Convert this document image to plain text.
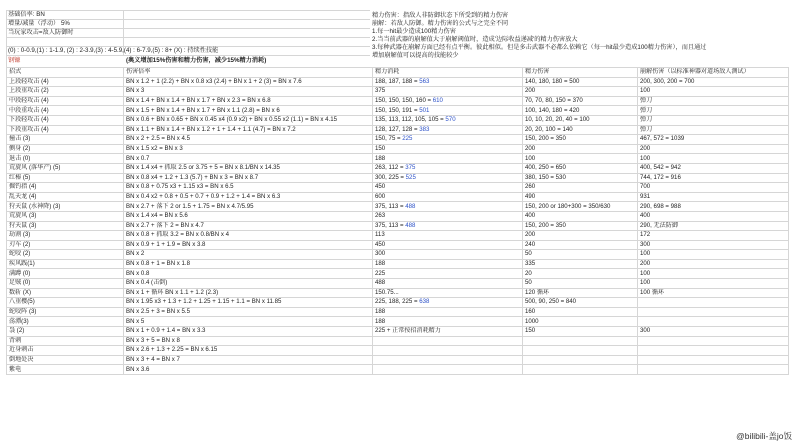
基础倍率: BN
增量/减量（浮动） 5%
当玩家攻击=敌人防御时
(0) : 0-0.9,(1) : 1-1.9, (2) : 2-3.9,(3) : 4-5.9,(4) : 6-7.9,(5) : 8+ (X) : 持续性技能
钢镰	(奥义增加15%伤害和精力伤害，减少15%精力消耗)
精力伤害：指敌人非防御状态下所受到的精力伤害
崩解：若敌人防御。精力伤害的公式与之完全不同
1.每一hit最少造成100精力伤害
2.当当前武器的崩解值大于崩解阈值时，造成'边际收益递减'的精力伤害放大
3.每种武器在崩解方面已经有点平衡。彼此相似。但是多击武器不必都么依赖它（每一hit最少造成100精力伤害），而且通过
增加崩解值可以提高的技能较少
招式	伤害倍率	精力消耗	精力伤害	崩解伤害（以标准神器对道场敌人测试）
上段轻攻击 (4)	BN x 1.2 + 1 (2.2) + BN x 0.8 x3 (2.4) + BN x 1 + 2 (3) = BN x 7.6	188, 187, 188 = 563	140, 180, 180 = 500	200, 300, 200 = 700
上段重攻击 (2)	BN x 3	375	200	100
中段轻攻击 (4)	BN x 1.4 + BN x 1.4 + BN x 1.7 + BN x 2.3 = BN x 6.8	150, 150, 150, 160 = 610	70, 70, 80, 150 = 370	弹刀
中段重攻击 (4)	BN x 1.5 + BN x 1.4 + BN x 1.7 + BN x 1.1 (2.8) = BN x 6	150, 150, 191 = 501	100, 140, 180 = 420	弹刀
下段轻攻击 (4)	BN x 0.6 + BN x 0.65 + BN x 0.45 x4 (0.9 x2) + BN x 0.55 x2 (1.1) = BN x 4.15	135, 113, 112, 105, 105 = 570	10, 10, 20, 20, 40 = 100	弹刀
下段重攻击 (4)	BN x 1.1 + BN x 1.4 + BN x 1.2 + 1 + 1.4 + 1.1 (4.7) = BN x 7.2	128, 127, 128 = 383	20, 20, 100 = 140	弹刀
撞击 (3)	BN x 2 + 2.5 = BN x 4.5	150, 75 = 225	150, 200 = 350	467, 572 = 1039
侧身 (2)	BN x 1.5 x2 = BN x 3	150	200	200
退击 (0)	BN x 0.7	188	100	100
荒旋风 (落华产) (5)	BN x 1.4 x4 + 抓取 2.5 or 3.75 + 5 = BN x 8.1/BN x 14.35	263, 112 = 375	400, 250 = 650	400, 542 = 942
红椿 (5)	BN x 0.8 x4 + 1.2 + 1.3 (5.7) + BN x 3 = BN x 8.7	300, 225 = 525	380, 150 = 530	744, 172 = 916
掘钓指 (4)	BN x 0.8 + 0.75 x3 + 1.15 x3 = BN x 6.5	450	260	700
乱天龙 (4)	BN x 0.4 x2 + 0.8 + 0.5 + 0.7 + 0.9 + 1.2 + 1.4 = BN x 6.3	600	490	931
狩天鼠 (水神降) (3)	BN x 2.7 + 落下 2 or 1.5 + 1.75 = BN x 4.7/5.95	375, 113 = 488	150, 200 or 180+300 = 350/630	290, 698 = 988
荒旋风 (3)	BN x 1.4 x4 = BN x 5.6	263	400	400
狩天鼠 (3)	BN x 2.7 + 落下 2 = BN x 4.7	375, 113 = 488	150, 200 = 350	290, 无法防御
劫割 (3)	BN x 0.8 + 抓取 3.2 = BN x 0.8/BN x 4	113	200	172
刃车 (2)	BN x 0.9 + 1 + 1.9 = BN x 3.8	450	240	300
蛇咬 (2)	BN x 2	300	50	100
疾风践(1)	BN x 0.8 + 1 = BN x 1.8	188	335	200
满蹲 (0)	BN x 0.8	225	20	100
足贼 (0)	BN x 0.4 (击倒)	488	50	100
数斩 (X)	BN x 1 + 循环 BN x 1.1 + 1.2 (2.3)	150.75...	120 循环	100 循环
八重樱(5)	BN x 1.95 x3 + 1.3 + 1.2 + 1.25 + 1.15 + 1.1 = BN x 11.85	225, 188, 225 = 638	500, 90, 250 = 840	
蛇咬阵 (3)	BN x 2.5 + 3 = BN x 5.5	188	160	
荡潭(3)	BN x 5	188	1000	
袅 (2)	BN x 1 + 0.9 + 1.4 = BN x 3.3	225 + 正常按招消耗精力	150	300
背刺	BN x 3 + 5 = BN x 8			
近身刺击	BN x 2.6 + 1.3 + 2.25 = BN x 6.15			
倒地处决	BN x 3 + 4 = BN x 7			
紫电	BN x 3.6			
@bilibili-盖jo饭
